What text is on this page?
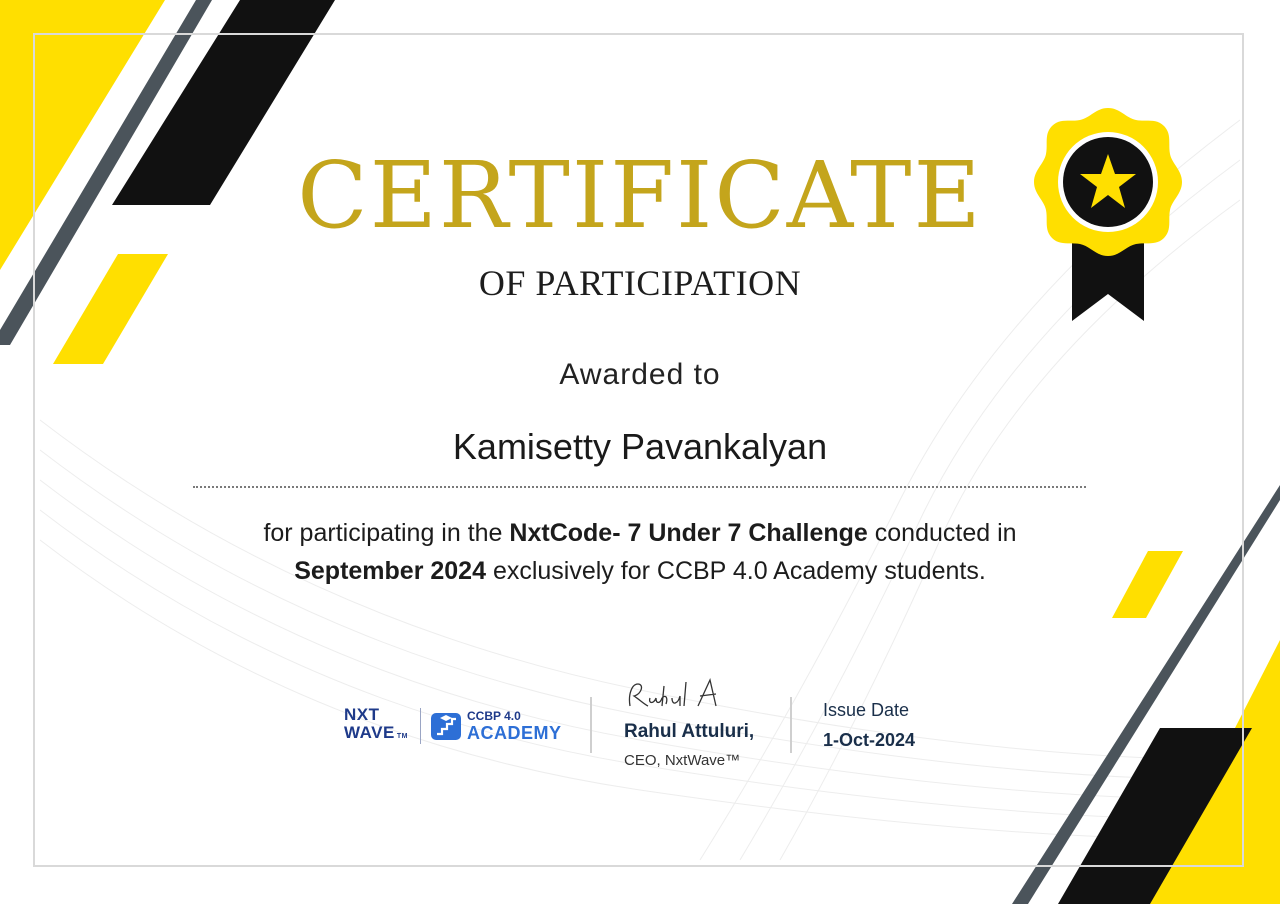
CERTIFICATE
OF PARTICIPATION
Awarded to
Kamisetty Pavankalyan
for participating in the NxtCode- 7 Under 7 Challenge conducted in September 2024 exclusively for CCBP 4.0 Academy students.
NXT
WAVE TM
CCBP 4.0
ACADEMY	Rahul Attuluri,
CEO, NxtWave™
Issue Date
1-Oct-2024
